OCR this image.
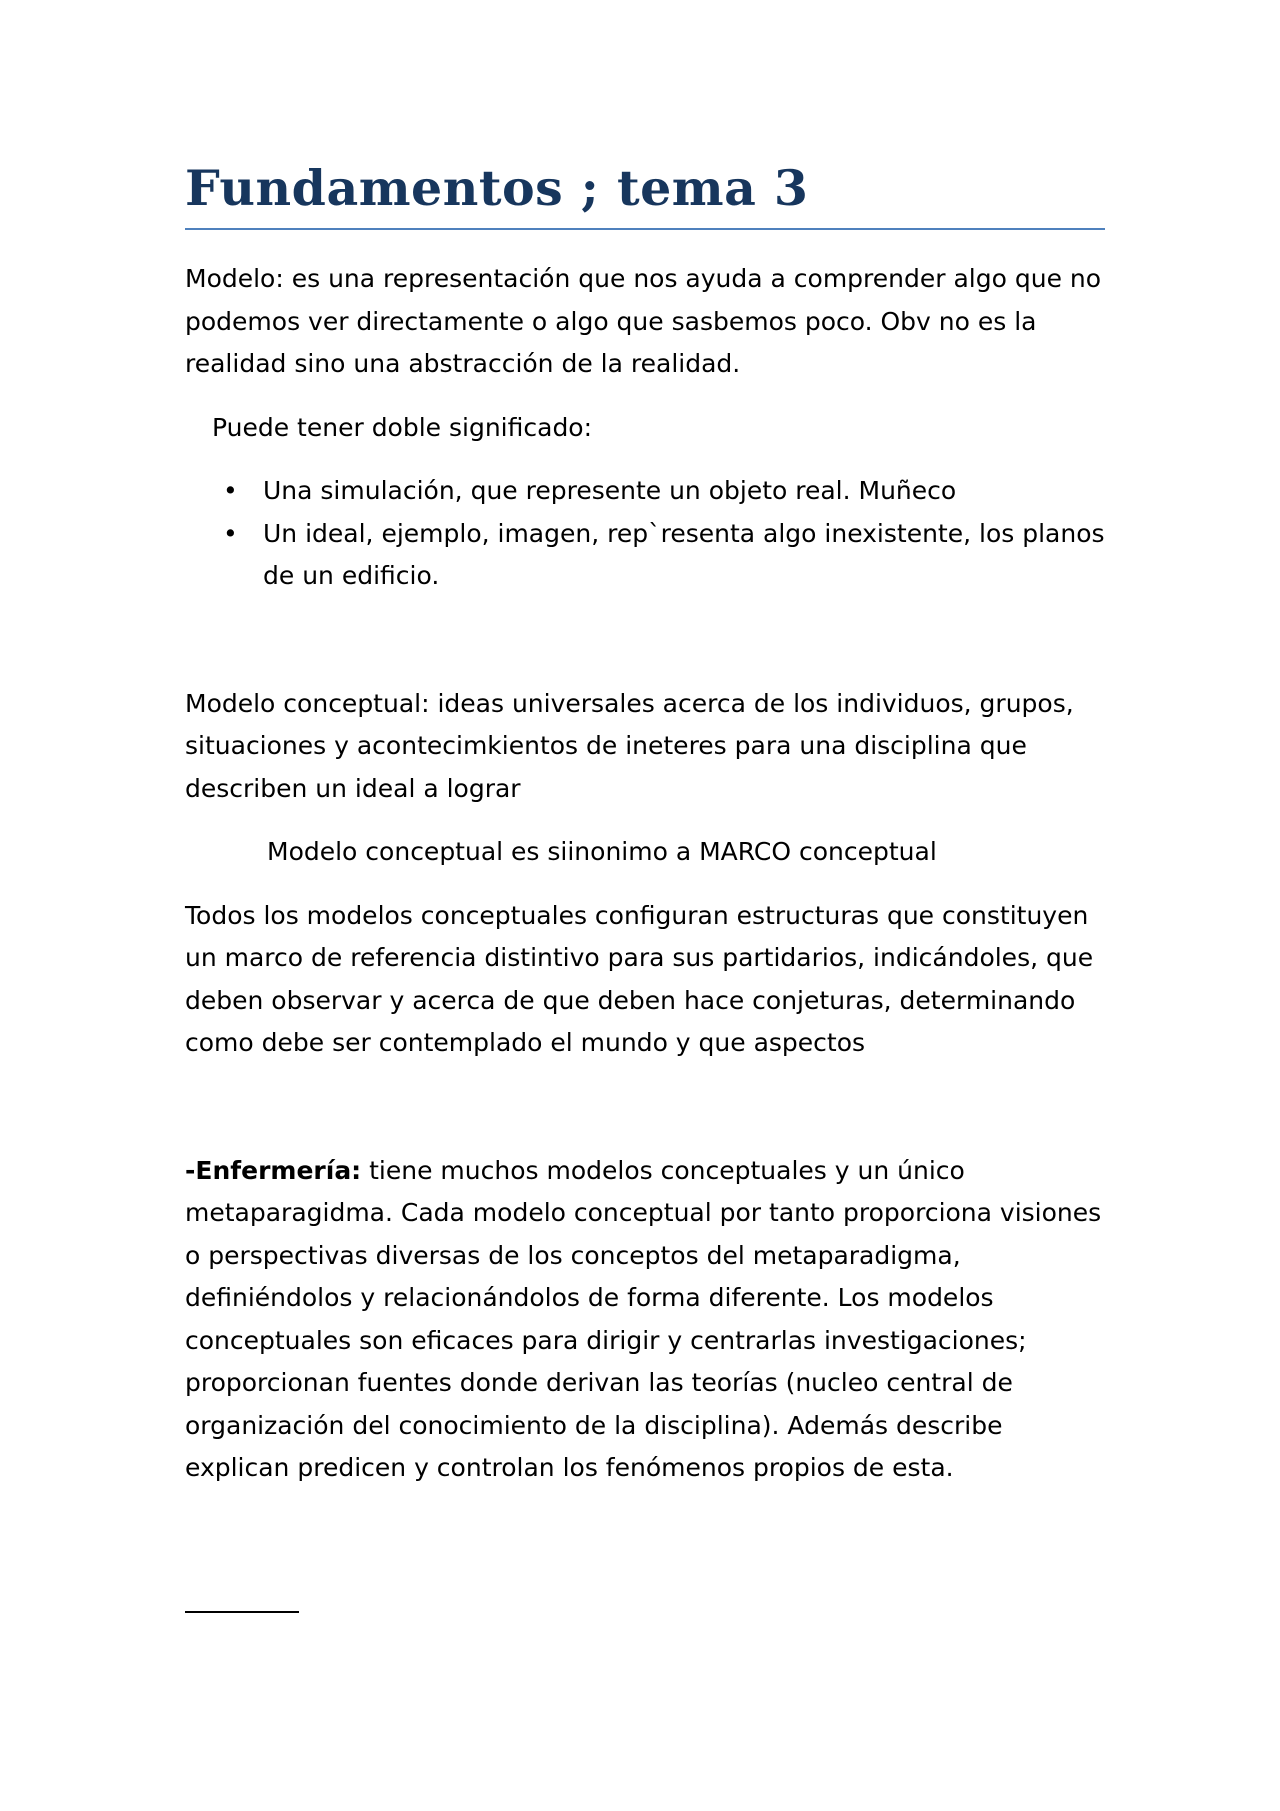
Fundamentos ; tema 3

Modelo: es una representación que nos ayuda a comprender algo que no podemos ver directamente o algo que sasbemos poco. Obv no es la realidad sino una abstracción de la realidad.

Puede tener doble significado:

• Una simulación, que represente un objeto real. Muñeco
• Un ideal, ejemplo, imagen, rep`resenta algo inexistente, los planos de un edificio.

Modelo conceptual: ideas universales acerca de los individuos, grupos, situaciones y acontecimkientos de ineteres para una disciplina que describen un ideal a lograr

Modelo conceptual es siinonimo a MARCO conceptual

Todos los modelos conceptuales configuran estructuras que constituyen un marco de referencia distintivo para sus partidarios, indicándoles, que deben observar y acerca de que deben hace conjeturas, determinando como debe ser contemplado el mundo y que aspectos

-Enfermería: tiene muchos modelos conceptuales y un único metaparagidma. Cada modelo conceptual por tanto proporciona visiones o perspectivas diversas de los conceptos del metaparadigma, definiéndolos y relacionándolos de forma diferente. Los modelos conceptuales son eficaces para dirigir y centrarlas investigaciones; proporcionan fuentes donde derivan las teorías (nucleo central de organización del conocimiento de la disciplina). Además describe explican predicen y controlan los fenómenos propios de esta.
